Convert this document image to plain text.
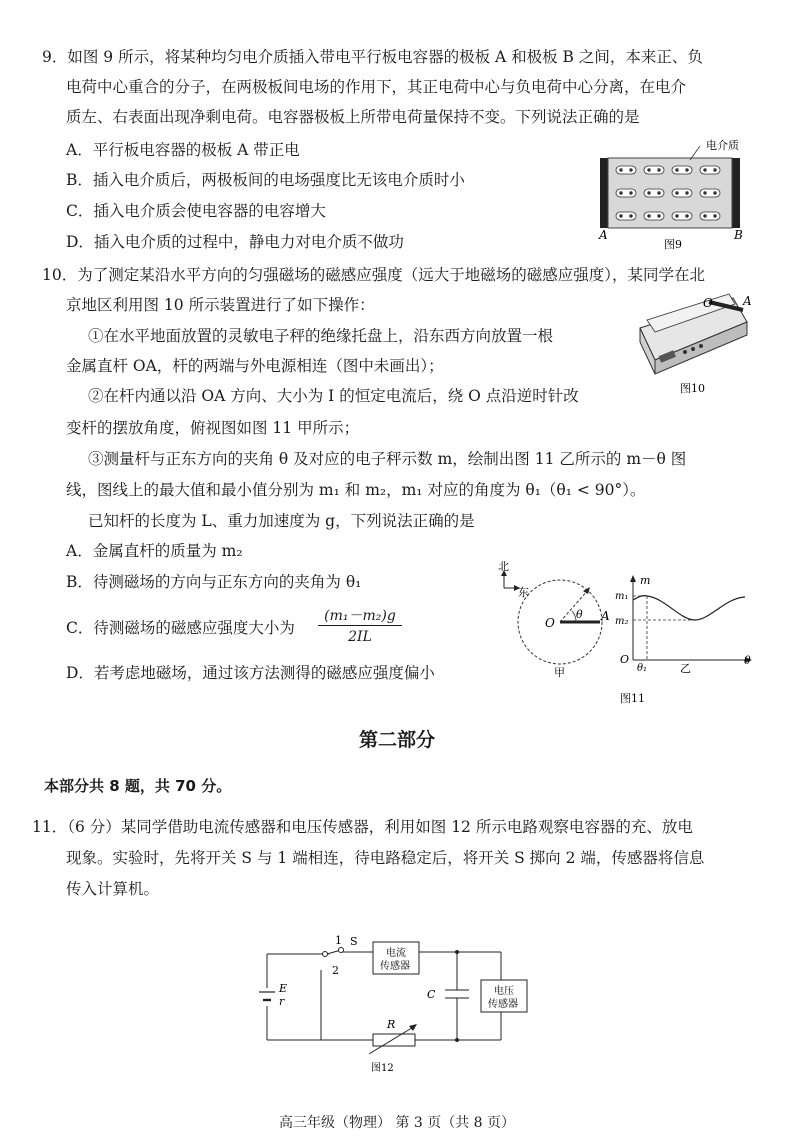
9．如图 9 所示，将某种均匀电介质插入带电平行板电容器的极板 A 和极板 B 之间，本来正、负
电荷中心重合的分子，在两极板间电场的作用下，其正电荷中心与负电荷中心分离，在电介
质左、右表面出现净剩电荷。电容器极板上所带电荷量保持不变。下列说法正确的是
A．平行板电容器的极板 A 带正电
B．插入电介质后，两极板间的电场强度比无该电介质时小
C．插入电介质会使电容器的电容增大
D．插入电介质的过程中，静电力对电介质不做功
电介质
A	B
图9
10．为了测定某沿水平方向的匀强磁场的磁感应强度（远大于地磁场的磁感应强度），某同学在北
京地区利用图 10 所示装置进行了如下操作：
①在水平地面放置的灵敏电子秤的绝缘托盘上，沿东西方向放置一根
金属直杆 OA，杆的两端与外电源相连（图中未画出）；
②在杆内通以沿 OA 方向、大小为 I 的恒定电流后，绕 O 点沿逆时针改
变杆的摆放角度，俯视图如图 11 甲所示；
③测量杆与正东方向的夹角 θ 及对应的电子秤示数 m，绘制出图 11 乙所示的 m－θ 图
线，图线上的最大值和最小值分别为 m₁ 和 m₂，m₁ 对应的角度为 θ₁（θ₁ < 90°）。
已知杆的长度为 L、重力加速度为 g，下列说法正确的是
A．金属直杆的质量为 m₂
B．待测磁场的方向与正东方向的夹角为 θ₁
C．待测磁场的磁感应强度大小为
(m₁－m₂)g
2IL
D．若考虑地磁场，通过该方法测得的磁感应强度偏小
O	A
图10
北
东
O
θ A
甲
m
m₁
m₂
O
θ₁	乙
θ
图11
第二部分
本部分共 8 题，共 70 分。
11．（6 分）某同学借助电流传感器和电压传感器，利用如图 12 所示电路观察电容器的充、放电
现象。实验时，先将开关 S 与 1 端相连，待电路稳定后，将开关 S 掷向 2 端，传感器将信息
传入计算机。
1
2
S
电流
传感器
电压
传感器
E
r
C
R
图12
高三年级（物理） 第 3 页（共 8 页）
